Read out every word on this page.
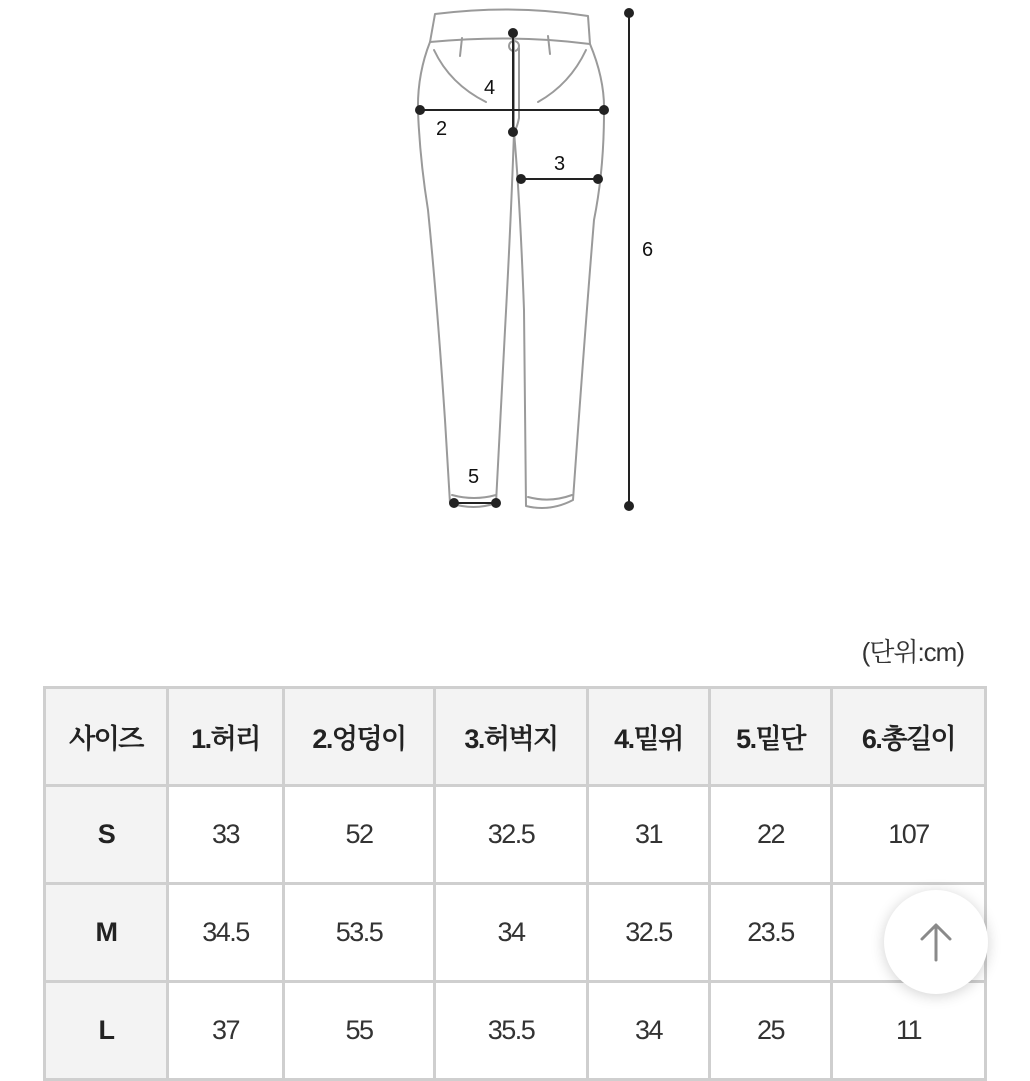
4
2
3
6
5
(단위:cm)
사이즈	1.허리	2.엉덩이	3.허벅지	4.밑위	5.밑단	6.총길이
S	33	52	32.5	31	22	107
M	34.5	53.5	34	32.5	23.5	
L	37	55	35.5	34	25	11
